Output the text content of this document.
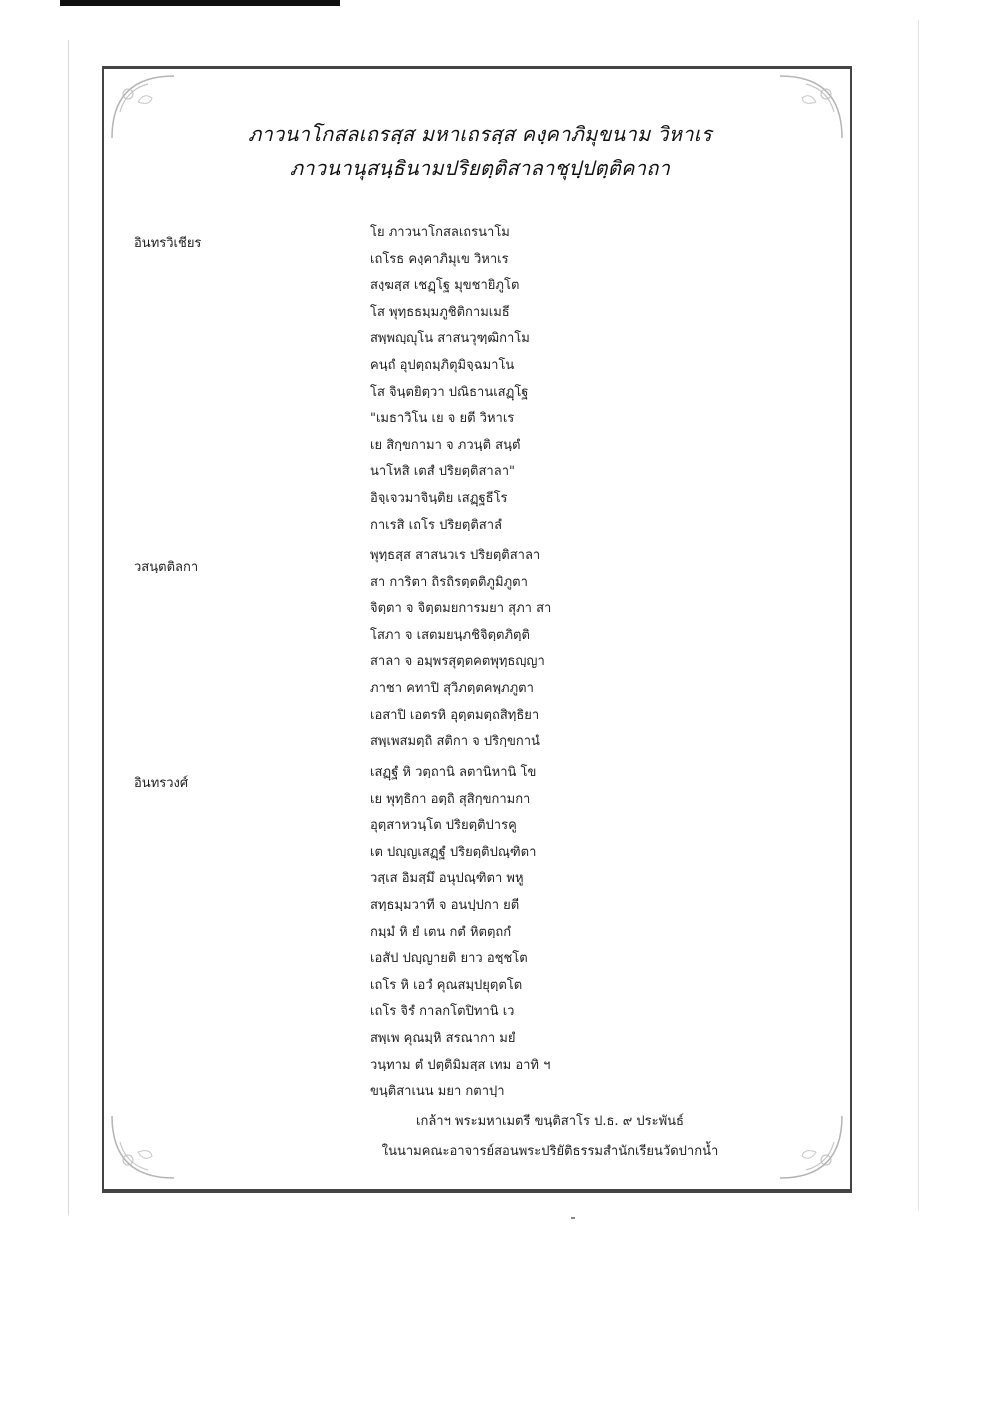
ภาวนาโกสลเถรสฺส มหาเถรสฺส คงฺคาภิมุขนาม วิหาเร
ภาวนานุสนฺธินามปริยตฺติสาลาชุปฺปตฺติคาถา
อินทรวิเชียร
โย ภาวนาโกสลเถรนาโม
เถโรธ คงฺคาภิมุเข วิหาเร
สงฺฆสฺส เชฏฺโฐ มุขชายิภูโต
โส พุทฺธธมฺมภูชิติกามเมธี
สพฺพญฺญุโน สาสนวุฑฺฒิกาโม
คนฺถํ อุปตฺถมฺภิตุมิจฺฉมาโน
โส จินฺตยิตฺวา ปณิธานเสฏฺโฐ
"เมธาวิโน เย จ ยตี วิหาเร
เย สิกฺขกามา จ ภวนฺติ สนฺตํ
นาโหสิ เตสํ ปริยตฺติสาลา"
อิจฺเจวมาจินฺติย เสฏฺฐธีโร
กาเรสิ เถโร ปริยตฺติสาลํ
วสนฺตติลกา
พุทฺธสฺส สาสนวเร ปริยตฺติสาลา
สา การิตา ถิรถิรตฺตติภูมิภูตา
จิตฺตา จ จิตฺตมยการมยา สุภา สา
โสภา จ เสตมยนฺภชิจิตฺตภิตฺติ
สาลา จ อมฺพรสุตฺตคตพุทฺธญฺญา
ภาชา คทาปิ สุวิภตฺตคพฺภภูตา
เอสาปิ เอตรหิ อุตฺตมตฺถสิทฺธิยา
สพฺเพสมตฺถิ สติกา จ ปริกฺขกานํ
อินทรวงศ์
เสฏฺฐํ หิ วตฺถานิ ลตานิหานิ โข
เย พุทฺธิกา อตฺถิ สุสิกฺขกามกา
อุตฺสาหวนฺโต ปริยตฺติปารคู
เต ปญฺญเสฏฺฐํ ปริยตฺติปณฺฑิตา
วสฺเส อิมสฺมึ อนุปณฺฑิตา พหู
สทฺธมฺมวาที จ อนปฺปกา ยตี
กมฺมํ หิ ยํ เตน กตํ หิตตฺถกํ
เอสัป ปญฺญายติ ยาว อชฺชโต
เถโร หิ เอวํ คุณสมฺปยุตฺตโต
เถโร จิรํ กาลกโตปิทานิ เว
สพฺเพ คุณมฺหิ สรณากา มยํ
วนฺทาม ตํ ปตฺติมิมสฺส เทม อาทิ ฯ
ขนฺติสาเนน มยา กตาปฺา
เกล้าฯ พระมหาเมตรี ขนฺติสาโร ป.ธ. ๙ ประพันธ์
ในนามคณะอาจารย์สอนพระปริยัติธรรมสำนักเรียนวัดปากน้ำ
